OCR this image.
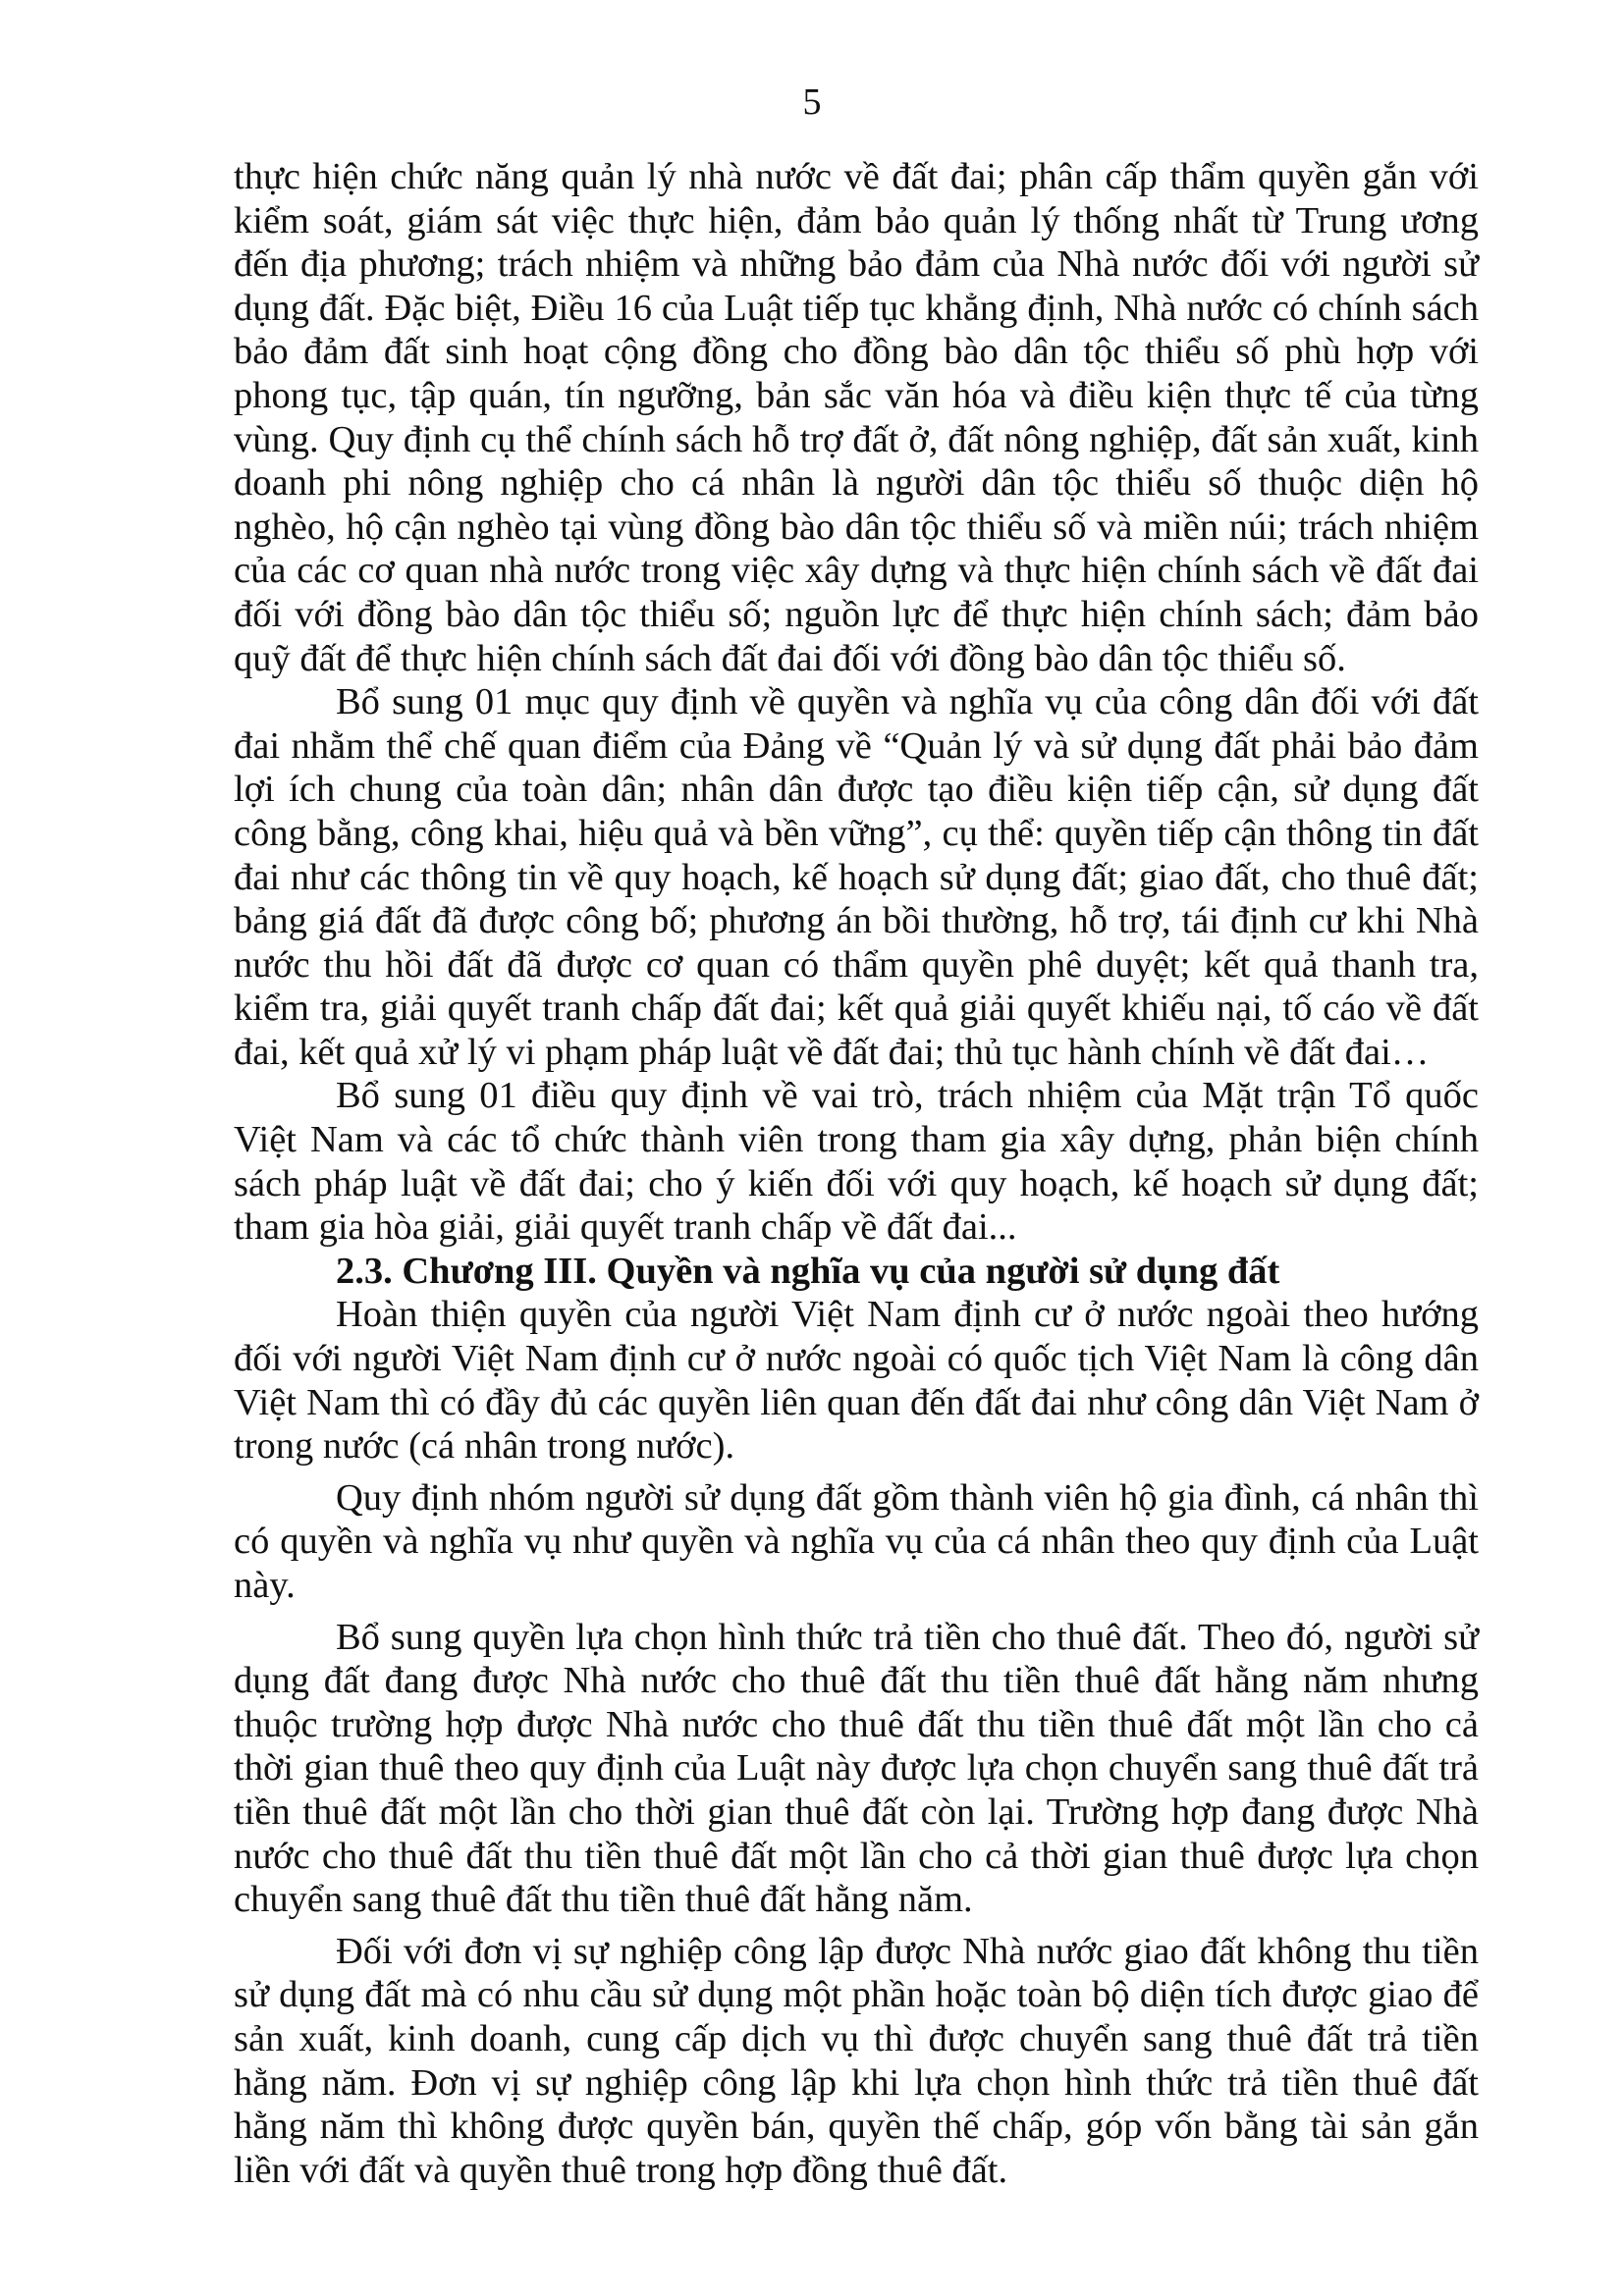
5

thực hiện chức năng quản lý nhà nước về đất đai; phân cấp thẩm quyền gắn với kiểm soát, giám sát việc thực hiện, đảm bảo quản lý thống nhất từ Trung ương đến địa phương; trách nhiệm và những bảo đảm của Nhà nước đối với người sử dụng đất. Đặc biệt, Điều 16 của Luật tiếp tục khẳng định, Nhà nước có chính sách bảo đảm đất sinh hoạt cộng đồng cho đồng bào dân tộc thiểu số phù hợp với phong tục, tập quán, tín ngưỡng, bản sắc văn hóa và điều kiện thực tế của từng vùng. Quy định cụ thể chính sách hỗ trợ đất ở, đất nông nghiệp, đất sản xuất, kinh doanh phi nông nghiệp cho cá nhân là người dân tộc thiểu số thuộc diện hộ nghèo, hộ cận nghèo tại vùng đồng bào dân tộc thiểu số và miền núi; trách nhiệm của các cơ quan nhà nước trong việc xây dựng và thực hiện chính sách về đất đai đối với đồng bào dân tộc thiểu số; nguồn lực để thực hiện chính sách; đảm bảo quỹ đất để thực hiện chính sách đất đai đối với đồng bào dân tộc thiểu số.

Bổ sung 01 mục quy định về quyền và nghĩa vụ của công dân đối với đất đai nhằm thể chế quan điểm của Đảng về “Quản lý và sử dụng đất phải bảo đảm lợi ích chung của toàn dân; nhân dân được tạo điều kiện tiếp cận, sử dụng đất công bằng, công khai, hiệu quả và bền vững”, cụ thể: quyền tiếp cận thông tin đất đai như các thông tin về quy hoạch, kế hoạch sử dụng đất; giao đất, cho thuê đất; bảng giá đất đã được công bố; phương án bồi thường, hỗ trợ, tái định cư khi Nhà nước thu hồi đất đã được cơ quan có thẩm quyền phê duyệt; kết quả thanh tra, kiểm tra, giải quyết tranh chấp đất đai; kết quả giải quyết khiếu nại, tố cáo về đất đai, kết quả xử lý vi phạm pháp luật về đất đai; thủ tục hành chính về đất đai…

Bổ sung 01 điều quy định về vai trò, trách nhiệm của Mặt trận Tổ quốc Việt Nam và các tổ chức thành viên trong tham gia xây dựng, phản biện chính sách pháp luật về đất đai; cho ý kiến đối với quy hoạch, kế hoạch sử dụng đất; tham gia hòa giải, giải quyết tranh chấp về đất đai...

2.3. Chương III. Quyền và nghĩa vụ của người sử dụng đất

Hoàn thiện quyền của người Việt Nam định cư ở nước ngoài theo hướng đối với người Việt Nam định cư ở nước ngoài có quốc tịch Việt Nam là công dân Việt Nam thì có đầy đủ các quyền liên quan đến đất đai như công dân Việt Nam ở trong nước (cá nhân trong nước).

Quy định nhóm người sử dụng đất gồm thành viên hộ gia đình, cá nhân thì có quyền và nghĩa vụ như quyền và nghĩa vụ của cá nhân theo quy định của Luật này.

Bổ sung quyền lựa chọn hình thức trả tiền cho thuê đất. Theo đó, người sử dụng đất đang được Nhà nước cho thuê đất thu tiền thuê đất hằng năm nhưng thuộc trường hợp được Nhà nước cho thuê đất thu tiền thuê đất một lần cho cả thời gian thuê theo quy định của Luật này được lựa chọn chuyển sang thuê đất trả tiền thuê đất một lần cho thời gian thuê đất còn lại. Trường hợp đang được Nhà nước cho thuê đất thu tiền thuê đất một lần cho cả thời gian thuê được lựa chọn chuyển sang thuê đất thu tiền thuê đất hằng năm.

Đối với đơn vị sự nghiệp công lập được Nhà nước giao đất không thu tiền sử dụng đất mà có nhu cầu sử dụng một phần hoặc toàn bộ diện tích được giao để sản xuất, kinh doanh, cung cấp dịch vụ thì được chuyển sang thuê đất trả tiền hằng năm. Đơn vị sự nghiệp công lập khi lựa chọn hình thức trả tiền thuê đất hằng năm thì không được quyền bán, quyền thế chấp, góp vốn bằng tài sản gắn liền với đất và quyền thuê trong hợp đồng thuê đất.
